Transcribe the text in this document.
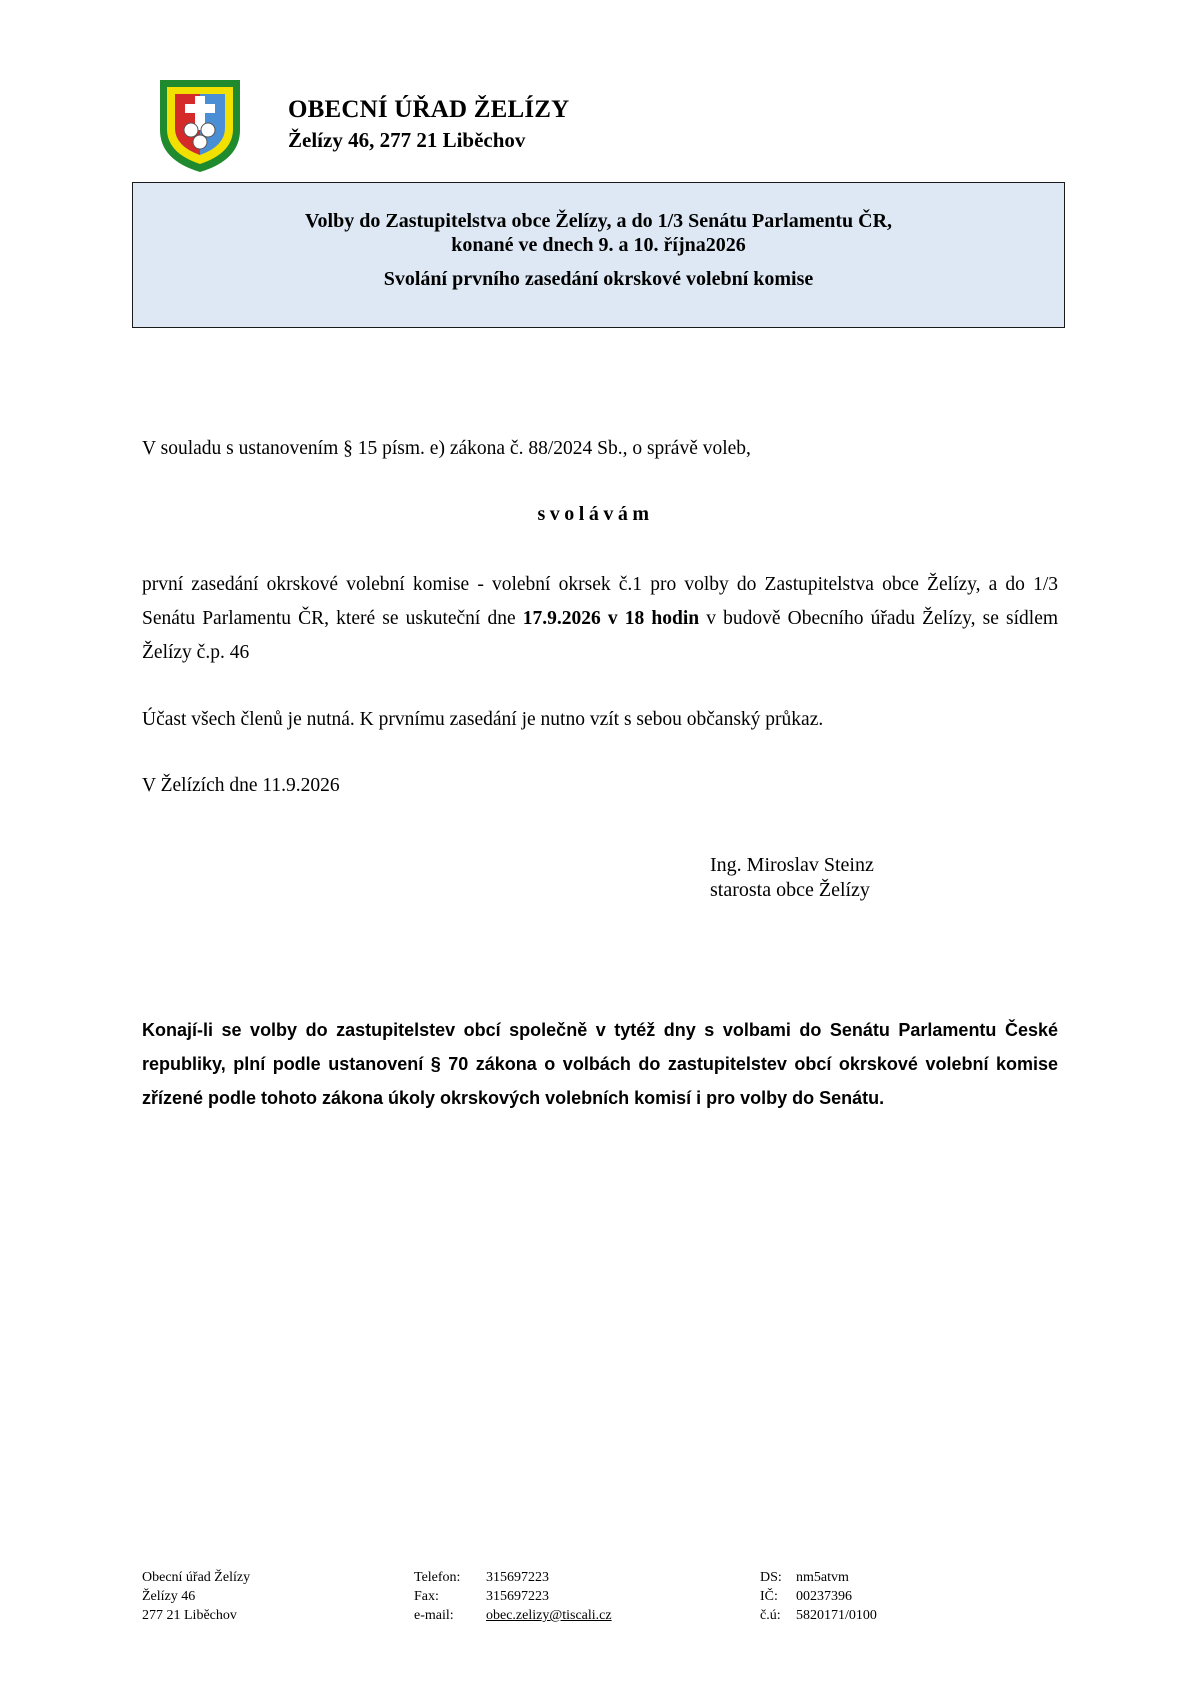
OBECNÍ ÚŘAD ŽELÍZY
Želízy 46, 277 21 Liběchov
Volby do Zastupitelstva obce Želízy, a do 1/3 Senátu Parlamentu ČR,
konané ve dnech 9. a 10. října2026
Svolání prvního zasedání okrskové volební komise
V souladu s ustanovením § 15 písm. e) zákona č. 88/2024 Sb., o správě voleb,
svolávám
první zasedání okrskové volební komise - volební okrsek č.1 pro volby do Zastupitelstva obce Želízy, a do 1/3 Senátu Parlamentu ČR, které se uskuteční dne 17.9.2026 v 18 hodin v budově Obecního úřadu Želízy, se sídlem Želízy č.p. 46
Účast všech členů je nutná. K prvnímu zasedání je nutno vzít s sebou občanský průkaz.
V Želízích dne 11.9.2026
Ing. Miroslav Steinz
starosta obce Želízy
Konají-li se volby do zastupitelstev obcí společně v tytéž dny s volbami do Senátu Parlamentu České republiky, plní podle ustanovení § 70 zákona o volbách do zastupitelstev obcí okrskové volební komise zřízené podle tohoto zákona úkoly okrskových volebních komisí i pro volby do Senátu.
Obecní úřad Želízy
Želízy 46
277 21 Liběchov
Telefon: 315697223
Fax:	315697223
e-mail: obec.zelizy@tiscali.cz
DS: nm5atvm
IČ: 00237396
č.ú: 5820171/0100
